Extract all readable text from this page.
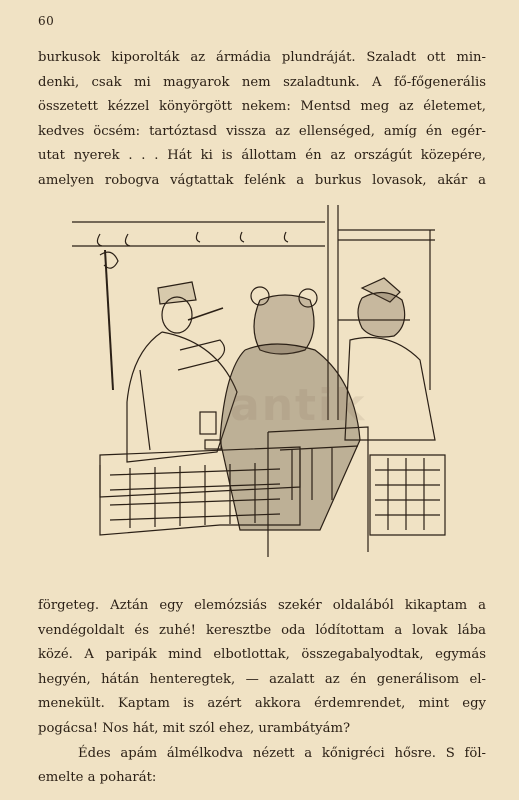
60
burkusok kiporolták az ármádia plundráját. Szaladt ott min-
denki, csak mi magyarok nem szaladtunk. A fő-főgenerális
összetett kézzel könyörgött nekem: Mentsd meg az életemet,
kedves öcsém: tartóztasd vissza az ellenséged, amíg én egér-
utat nyerek . . . Hát ki is állottam én az országút közepére,
amelyen robogva vágtattak felénk a burkus lovasok, akár a
antik
förgeteg. Aztán egy elemózsiás szekér oldalából kikaptam a
vendégoldalt és zuhé! keresztbe oda lódítottam a lovak lába
közé. A paripák mind elbotlottak, összegabalyodtak, egymás
hegyén, hátán henteregtek, — azalatt az én generálisom el-
menekült. Kaptam is azért akkora érdemrendet, mint egy
pogácsa! Nos hát, mit szól ehez, urambátyám?
Édes apám álmélkodva nézett a kőnigréci hősre. S föl-
emelte a poharát:
